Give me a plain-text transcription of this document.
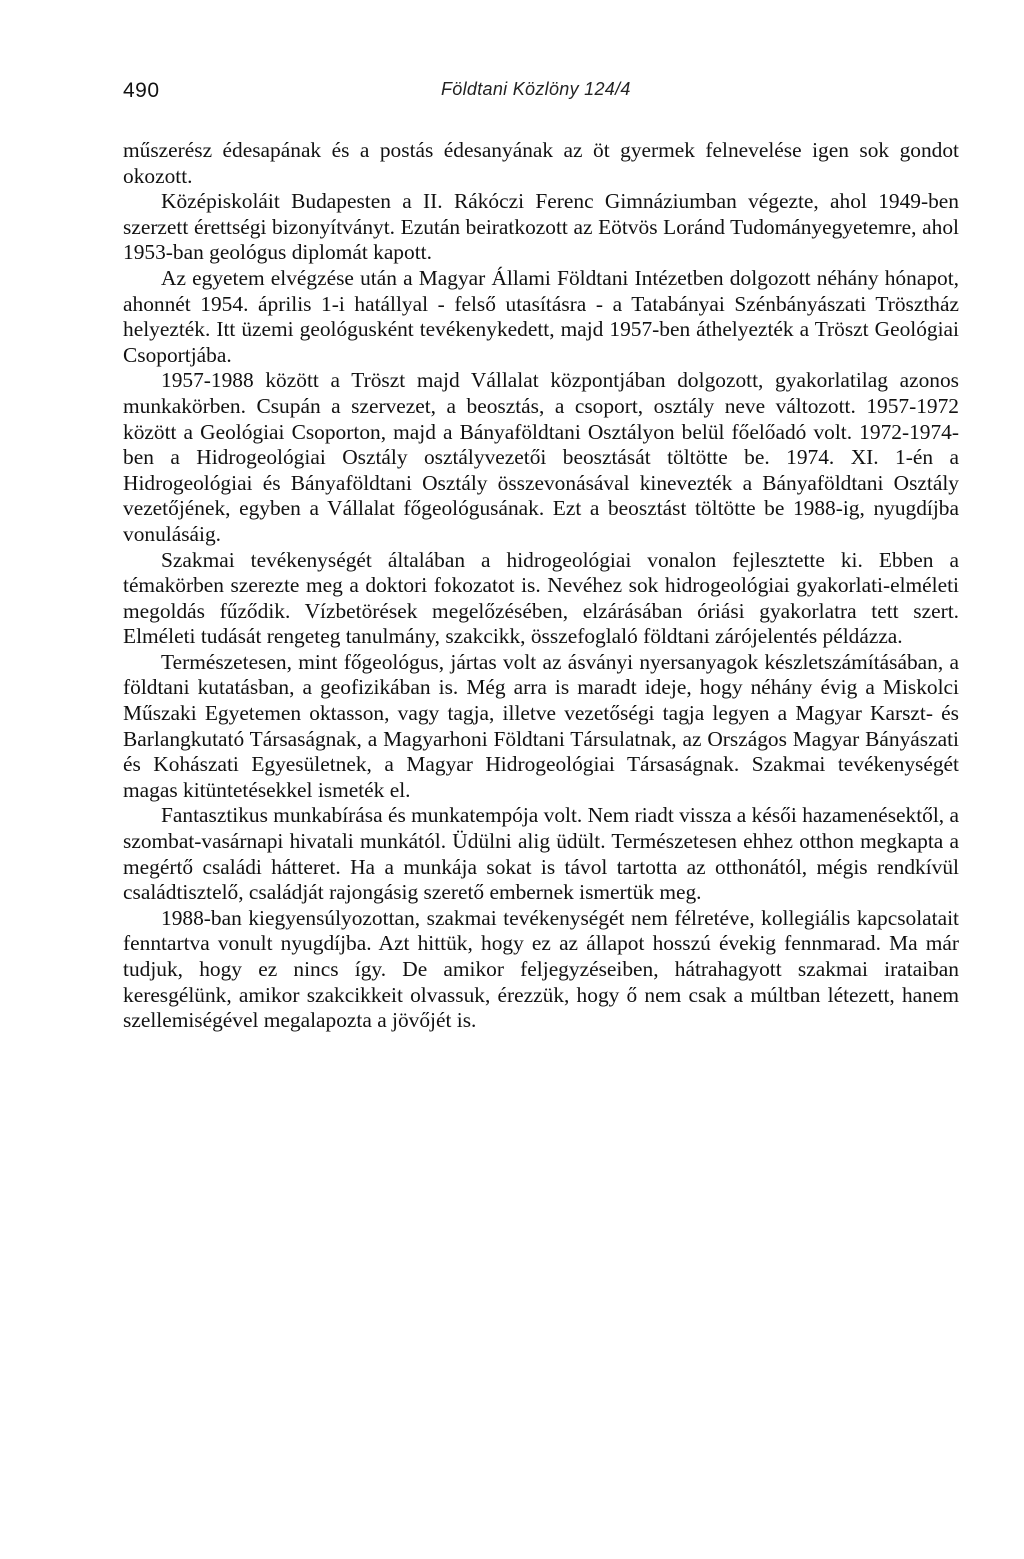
490	Földtani Közlöny 124/4

műszerész édesapának és a postás édesanyának az öt gyermek felnevelése igen sok gondot okozott.

Középiskoláit Budapesten a II. Rákóczi Ferenc Gimnáziumban végezte, ahol 1949-ben szerzett érettségi bizonyítványt. Ezután beiratkozott az Eötvös Loránd Tudományegyetemre, ahol 1953-ban geológus diplomát kapott.

Az egyetem elvégzése után a Magyar Állami Földtani Intézetben dolgozott néhány hónapot, ahonnét 1954. április 1-i hatállyal - felső utasításra - a Tatabányai Szénbányászati Trösztház helyezték. Itt üzemi geológusként tevékenykedett, majd 1957-ben áthelyezték a Tröszt Geológiai Csoportjába.

1957-1988 között a Tröszt majd Vállalat központjában dolgozott, gyakorlatilag azonos munkakörben. Csupán a szervezet, a beosztás, a csoport, osztály neve változott. 1957-1972 között a Geológiai Csoporton, majd a Bányaföldtani Osztályon belül főelőadó volt. 1972-1974-ben a Hidrogeológiai Osztály osztályvezetői beosztását töltötte be. 1974. XI. 1-én a Hidrogeológiai és Bányaföldtani Osztály összevonásával kinevezték a Bányaföldtani Osztály vezetőjének, egyben a Vállalat főgeológusának. Ezt a beosztást töltötte be 1988-ig, nyugdíjba vonulásáig.

Szakmai tevékenységét általában a hidrogeológiai vonalon fejlesztette ki. Ebben a témakörben szerezte meg a doktori fokozatot is. Nevéhez sok hidrogeológiai gyakorlati-elméleti megoldás fűződik. Vízbetörések megelőzésében, elzárásában óriási gyakorlatra tett szert. Elméleti tudását rengeteg tanulmány, szakcikk, összefoglaló földtani zárójelentés példázza.

Természetesen, mint főgeológus, jártas volt az ásványi nyersanyagok készletszámításában, a földtani kutatásban, a geofizikában is. Még arra is maradt ideje, hogy néhány évig a Miskolci Műszaki Egyetemen oktasson, vagy tagja, illetve vezetőségi tagja legyen a Magyar Karszt- és Barlangkutató Társaságnak, a Magyarhoni Földtani Társulatnak, az Országos Magyar Bányászati és Kohászati Egyesületnek, a Magyar Hidrogeológiai Társaságnak. Szakmai tevékenységét magas kitüntetésekkel ismeték el.

Fantasztikus munkabírása és munkatempója volt. Nem riadt vissza a késői hazamenésektől, a szombat-vasárnapi hivatali munkától. Üdülni alig üdült. Természetesen ehhez otthon megkapta a megértő családi hátteret. Ha a munkája sokat is távol tartotta az otthonától, mégis rendkívül családtisztelő, családját rajongásig szerető embernek ismertük meg.

1988-ban kiegyensúlyozottan, szakmai tevékenységét nem félretéve, kollegiális kapcsolatait fenntartva vonult nyugdíjba. Azt hittük, hogy ez az állapot hosszú évekig fennmarad. Ma már tudjuk, hogy ez nincs így. De amikor feljegyzéseiben, hátrahagyott szakmai irataiban keresgélünk, amikor szakcikkeit olvassuk, érezzük, hogy ő nem csak a múltban létezett, hanem szellemiségével megalapozta a jövőjét is.
